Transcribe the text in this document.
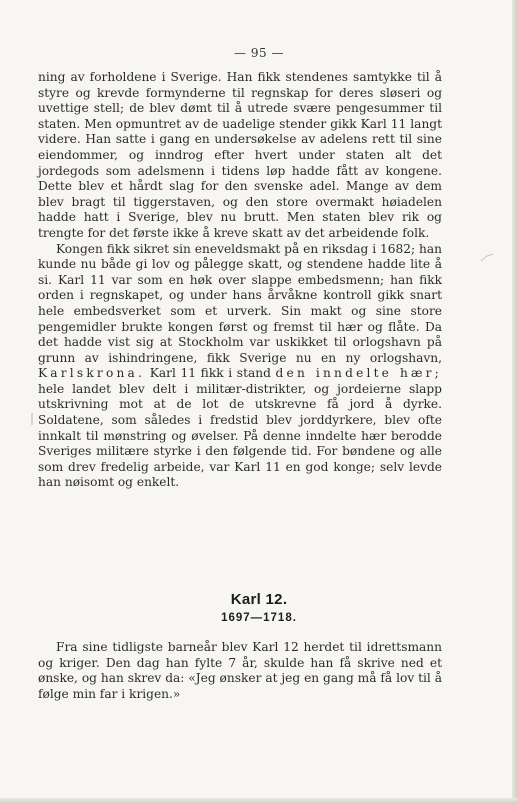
— 95 —

ning av forholdene i Sverige. Han fikk stendenes samtykke til å styre og krevde formynderne til regnskap for deres sløseri og uvettige stell; de blev dømt til å utrede svære pengesummer til staten. Men opmuntret av de uadelige stender gikk Karl 11 langt videre. Han satte i gang en undersøkelse av adelens rett til sine eiendommer, og inndrog efter hvert under staten alt det jordegods som adelsmenn i tidens løp hadde fått av kongene. Dette blev et hårdt slag for den svenske adel. Mange av dem blev bragt til tiggerstaven, og den store overmakt høiadelen hadde hatt i Sverige, blev nu brutt. Men staten blev rik og trengte for det første ikke å kreve skatt av det arbeidende folk.

Kongen fikk sikret sin eneveldsmakt på en riksdag i 1682; han kunde nu både gi lov og pålegge skatt, og stendene hadde lite å si. Karl 11 var som en høk over slappe embedsmenn; han fikk orden i regnskapet, og under hans årvåkne kontroll gikk snart hele embedsverket som et urverk. Sin makt og sine store pengemidler brukte kongen først og fremst til hær og flåte. Da det hadde vist sig at Stockholm var uskikket til orlogshavn på grunn av ishindringene, fikk Sverige nu en ny orlogshavn, Karlskrona. Karl 11 fikk i stand den inndelte hær; hele landet blev delt i militær-distrikter, og jordeierne slapp utskrivning mot at de lot de utskrevne få jord å dyrke. Soldatene, som således i fredstid blev jorddyrkere, blev ofte innkalt til mønstring og øvelser. På denne inndelte hær berodde Sveriges militære styrke i den følgende tid. For bøndene og alle som drev fredelig arbeide, var Karl 11 en god konge; selv levde han nøisomt og enkelt.

Karl 12.
1697—1718.

Fra sine tidligste barneår blev Karl 12 herdet til idrettsmann og kriger. Den dag han fylte 7 år, skulde han få skrive ned et ønske, og han skrev da: «Jeg ønsker at jeg en gang må få lov til å følge min far i krigen.»
